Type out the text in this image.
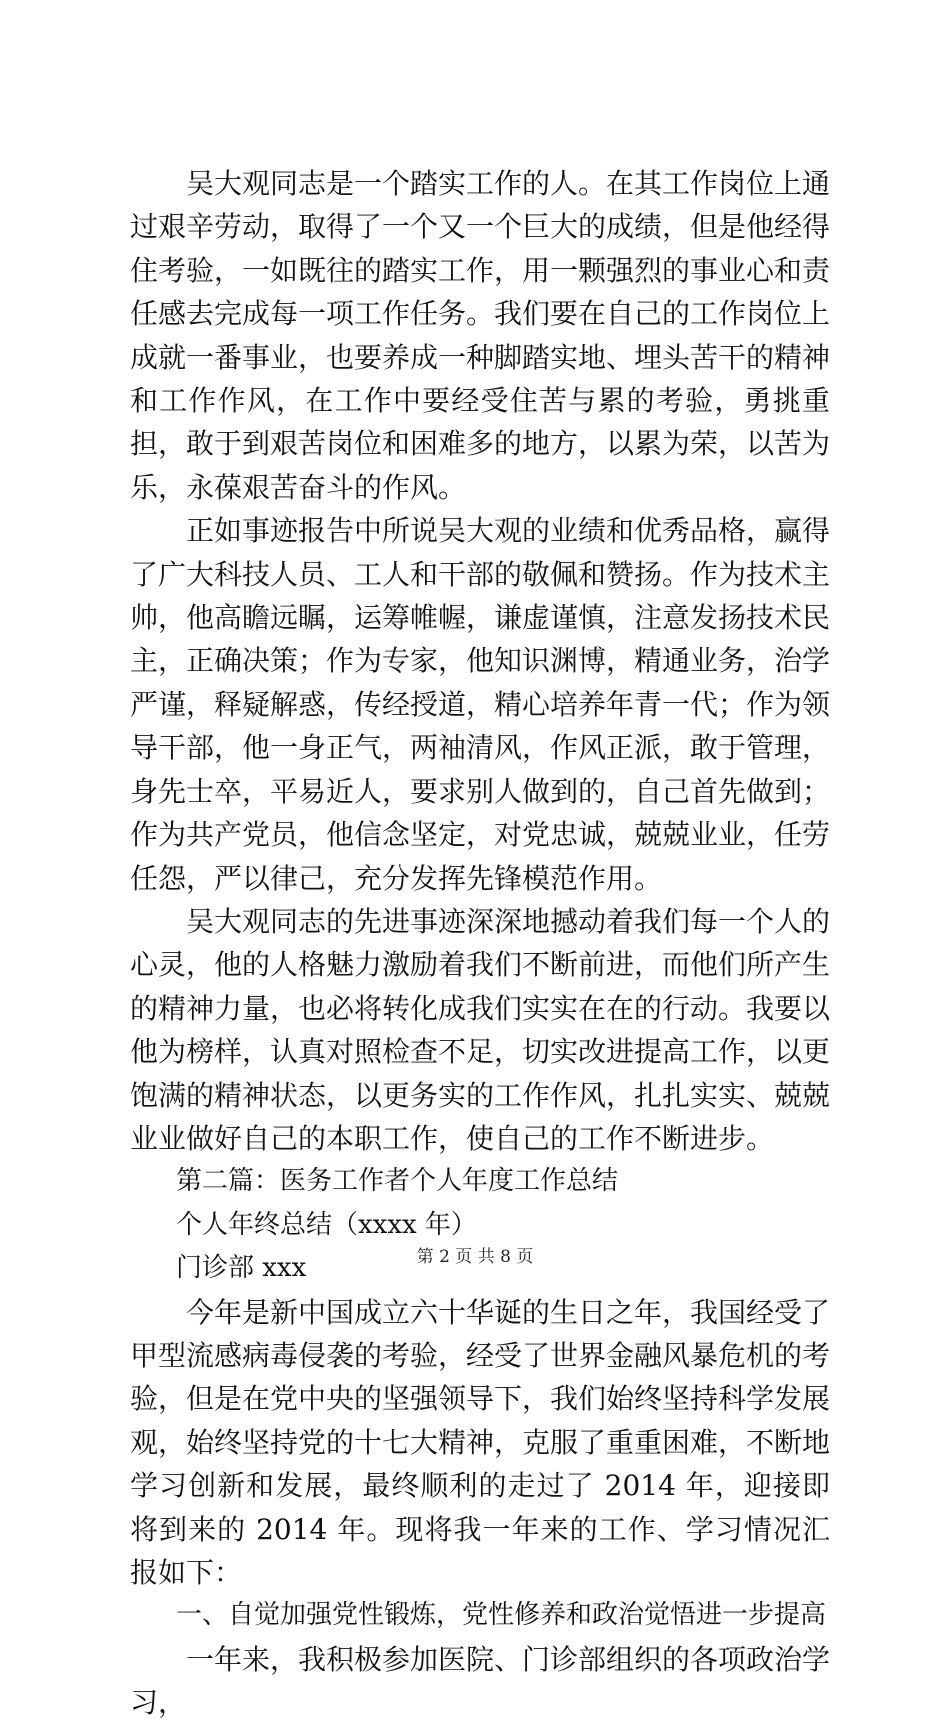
吴大观同志是一个踏实工作的人。在其工作岗位上通过艰辛劳动，取得了一个又一个巨大的成绩，但是他经得住考验，一如既往的踏实工作，用一颗强烈的事业心和责任感去完成每一项工作任务。我们要在自己的工作岗位上成就一番事业，也要养成一种脚踏实地、埋头苦干的精神和工作作风，在工作中要经受住苦与累的考验，勇挑重担，敢于到艰苦岗位和困难多的地方，以累为荣，以苦为乐，永葆艰苦奋斗的作风。

正如事迹报告中所说吴大观的业绩和优秀品格，赢得了广大科技人员、工人和干部的敬佩和赞扬。作为技术主帅，他高瞻远瞩，运筹帷幄，谦虚谨慎，注意发扬技术民主，正确决策；作为专家，他知识渊博，精通业务，治学严谨，释疑解惑，传经授道，精心培养年青一代；作为领导干部，他一身正气，两袖清风，作风正派，敢于管理，身先士卒，平易近人，要求别人做到的，自己首先做到；作为共产党员，他信念坚定，对党忠诚，兢兢业业，任劳任怨，严以律己，充分发挥先锋模范作用。

吴大观同志的先进事迹深深地撼动着我们每一个人的心灵，他的人格魅力激励着我们不断前进，而他们所产生的精神力量，也必将转化成我们实实在在的行动。我要以他为榜样，认真对照检查不足，切实改进提高工作，以更饱满的精神状态，以更务实的工作作风，扎扎实实、兢兢业业做好自己的本职工作，使自己的工作不断进步。

第二篇：医务工作者个人年度工作总结

个人年终总结（xxxx 年）

门诊部 xxx

今年是新中国成立六十华诞的生日之年，我国经受了甲型流感病毒侵袭的考验，经受了世界金融风暴危机的考验，但是在党中央的坚强领导下，我们始终坚持科学发展观，始终坚持党的十七大精神，克服了重重困难，不断地学习创新和发展，最终顺利的走过了 2014 年，迎接即将到来的 2014 年。现将我一年来的工作、学习情况汇报如下：

一、自觉加强党性锻炼，党性修养和政治觉悟进一步提高

一年来，我积极参加医院、门诊部组织的各项政治学习，

第 2 页 共 8 页
